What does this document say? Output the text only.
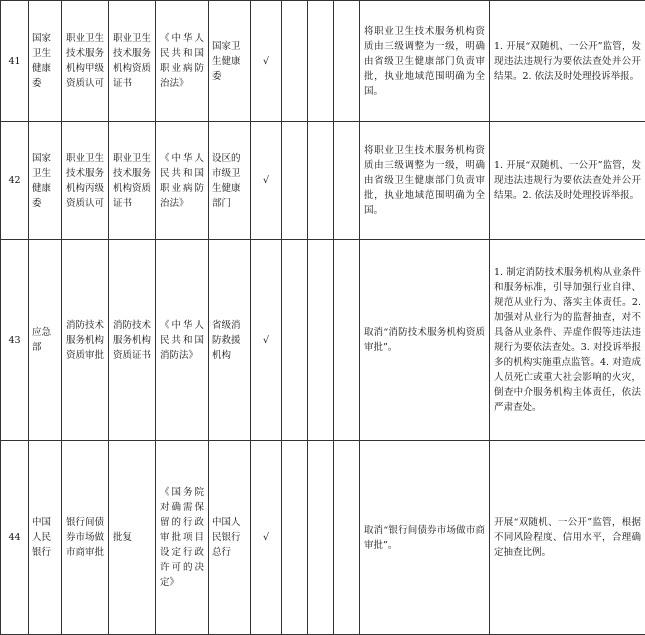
41	国家卫生健康委	职业卫生技术服务机构甲级资质认可	职业卫生技术服务机构资质证书	《中华人民共和国职业病防治法》	国家卫生健康委	√				将职业卫生技术服务机构资质由三级调整为一级，明确由省级卫生健康部门负责审批，执业地域范围明确为全国。	1. 开展“双随机、一公开”监管，发现违法违规行为要依法查处并公开结果。2. 依法及时处理投诉举报。
42	国家卫生健康委	职业卫生技术服务机构丙级资质认可	职业卫生技术服务机构资质证书	《中华人民共和国职业病防治法》	设区的市级卫生健康部门	√				将职业卫生技术服务机构资质由三级调整为一级，明确由省级卫生健康部门负责审批，执业地域范围明确为全国。	1. 开展“双随机、一公开”监管，发现违法违规行为要依法查处并公开结果。2. 依法及时处理投诉举报。
43	应急部	消防技术服务机构资质审批	消防技术服务机构资质证书	《中华人民共和国消防法》	省级消防救援机构	√				取消“消防技术服务机构资质审批”。	1. 制定消防技术服务机构从业条件和服务标准，引导加强行业自律、规范从业行为、落实主体责任。2. 加强对从业行为的监督抽查，对不具备从业条件、弄虚作假等违法违规行为要依法查处。3. 对投诉举报多的机构实施重点监管。4. 对造成人员死亡或重大社会影响的火灾，倒查中介服务机构主体责任，依法严肃查处。
44	中国人民银行	银行间债券市场做市商审批	批复	《国务院对确需保留的行政审批项目设定行政许可的决定》	中国人民银行总行	√				取消“银行间债券市场做市商审批”。	开展“双随机、一公开”监管，根据不同风险程度、信用水平，合理确定抽查比例。
